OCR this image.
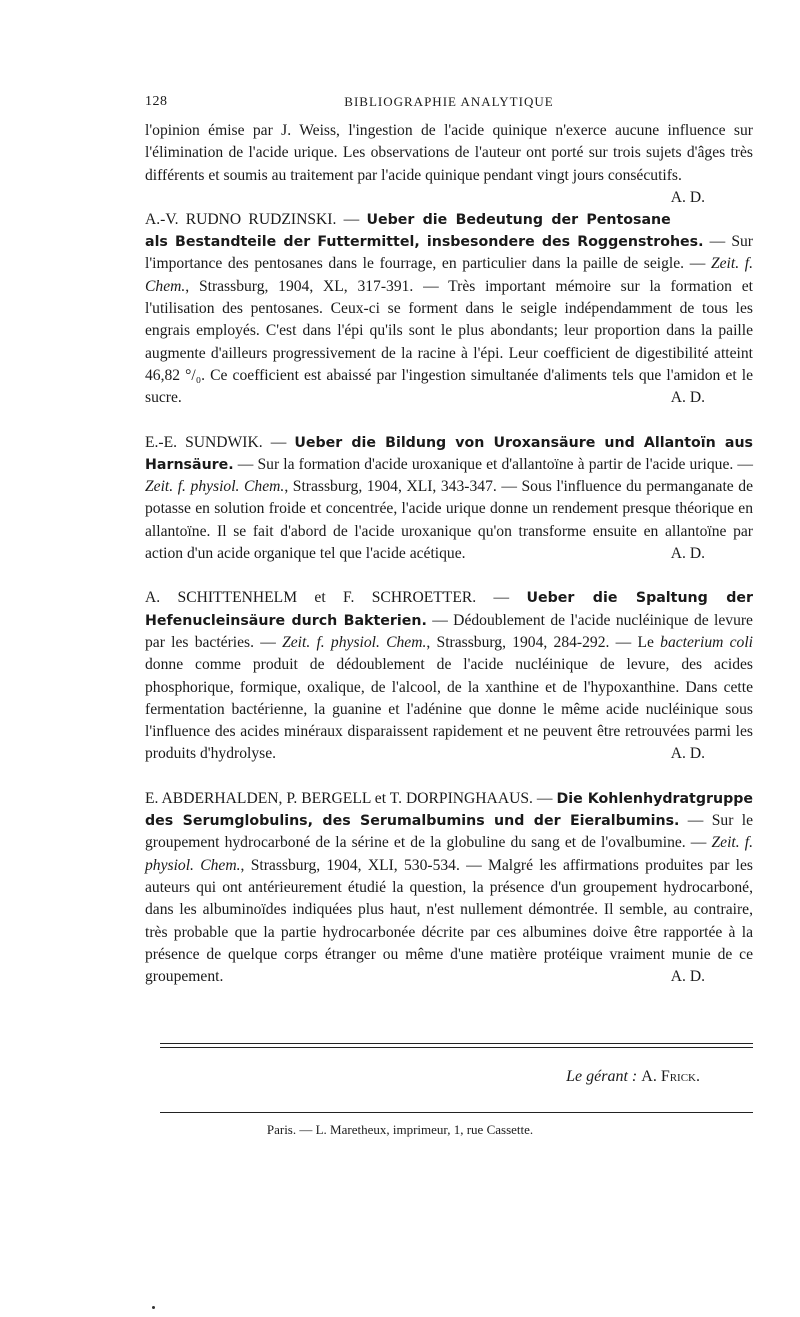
128	BIBLIOGRAPHIE ANALYTIQUE

l'opinion émise par J. Weiss, l'ingestion de l'acide quinique n'exerce aucune influence sur l'élimination de l'acide urique. Les observations de l'auteur ont porté sur trois sujets d'âges très différents et soumis au traitement par l'acide quinique pendant vingt jours consécutifs.
A. D.

A.-V. RUDNO RUDZINSKI. — Ueber die Bedeutung der Pentosane als Bestandteile der Futtermittel, insbesondere des Roggenstrohes. — Sur l'importance des pentosanes dans le fourrage, en particulier dans la paille de seigle. — Zeit. f. Chem., Strassburg, 1904, XL, 317-391. — Très important mémoire sur la formation et l'utilisation des pentosanes. Ceux-ci se forment dans le seigle indépendamment de tous les engrais employés. C'est dans l'épi qu'ils sont le plus abondants; leur proportion dans la paille augmente d'ailleurs progressivement de la racine à l'épi. Leur coefficient de digestibilité atteint 46,82 °/₀. Ce coefficient est abaissé par l'ingestion simultanée d'aliments tels que l'amidon et le sucre.	A. D.

E.-E. SUNDWIK. — Ueber die Bildung von Uroxansäure und Allantoïn aus Harnsäure. — Sur la formation d'acide uroxanique et d'allantoïne à partir de l'acide urique. — Zeit. f. physiol. Chem., Strassburg, 1904, XLI, 343-347. — Sous l'influence du permanganate de potasse en solution froide et concentrée, l'acide urique donne un rendement presque théorique en allantoïne. Il se fait d'abord de l'acide uroxanique qu'on transforme ensuite en allantoïne par action d'un acide organique tel que l'acide acétique.	A. D.

A. SCHITTENHELM et F. SCHROETTER. — Ueber die Spaltung der Hefenucleinsäure durch Bakterien. — Dédoublement de l'acide nucléinique de levure par les bactéries. — Zeit. f. physiol. Chem., Strassburg, 1904, 284-292. — Le bacterium coli donne comme produit de dédoublement de l'acide nucléinique de levure, des acides phosphorique, formique, oxalique, de l'alcool, de la xanthine et de l'hypoxanthine. Dans cette fermentation bactérienne, la guanine et l'adénine que donne le même acide nucléinique sous l'influence des acides minéraux disparaissent rapidement et ne peuvent être retrouvées parmi les produits d'hydrolyse.	A. D.

E. ABDERHALDEN, P. BERGELL et T. DORPINGHAAUS. — Die Kohlenhydratgruppe des Serumglobulins, des Serumalbumins und der Eieralbumins. — Sur le groupement hydrocarboné de la sérine et de la globuline du sang et de l'ovalbumine. — Zeit. f. physiol. Chem., Strassburg, 1904, XLI, 530-534. — Malgré les affirmations produites par les auteurs qui ont antérieurement étudié la question, la présence d'un groupement hydrocarboné, dans les albuminoïdes indiquées plus haut, n'est nullement démontrée. Il semble, au contraire, très probable que la partie hydrocarbonée décrite par ces albumines doive être rapportée à la présence de quelque corps étranger ou même d'une matière protéique vraiment munie de ce groupement.	A. D.

Le gérant : A. Frick.
Paris. — L. Maretheux, imprimeur, 1, rue Cassette.
